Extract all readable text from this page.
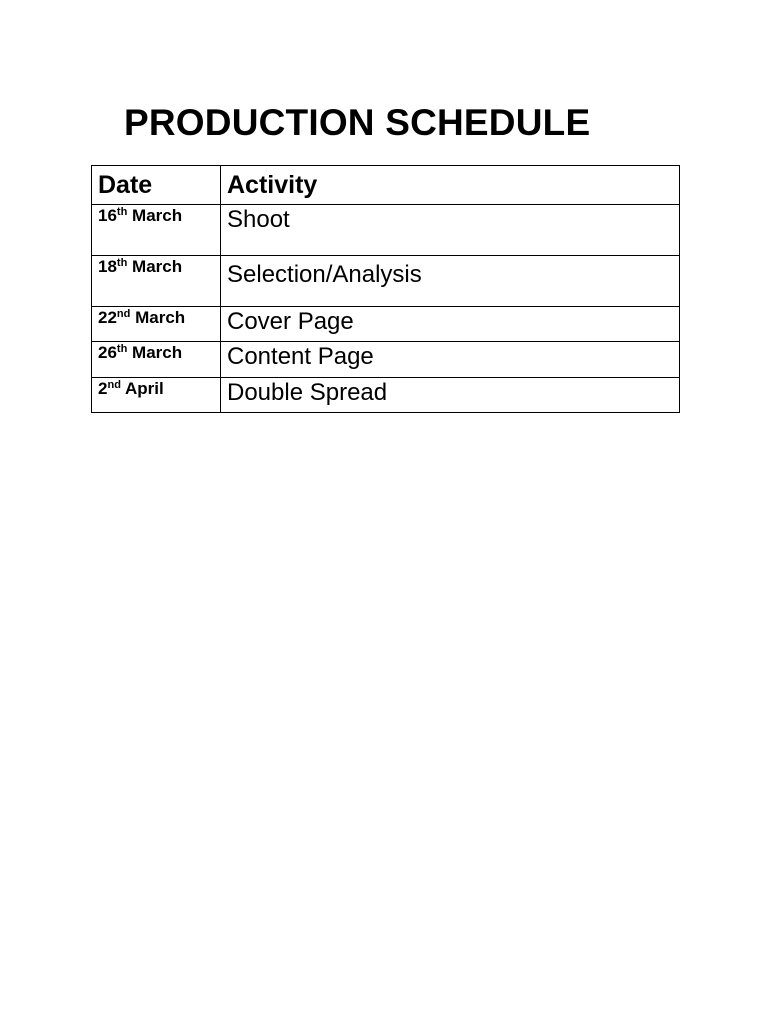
PRODUCTION SCHEDULE
Date	Activity
16th March	Shoot
18th March	Selection/Analysis
22nd March	Cover Page
26th March	Content Page
2nd April	Double Spread
